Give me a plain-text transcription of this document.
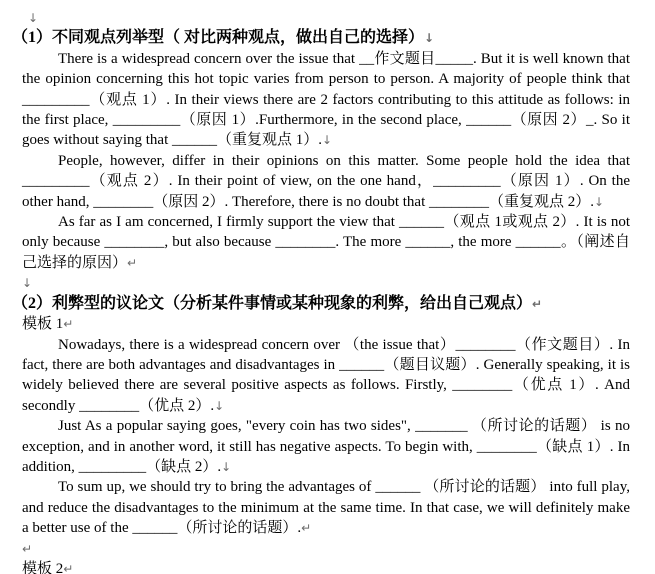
↓
（1）不同观点列举型（ 对比两种观点，做出自己的选择）↓
There is a widespread concern over the issue that __作文题目_____. But it is well known that the opinion concerning this hot topic varies from person to person. A majority of people think that _________（观点 1）. In their views there are 2 factors contributing to this attitude as follows: in the first place, _________（原因 1）.Furthermore, in the second place, ______（原因 2）_. So it goes without saying that ______（重复观点 1）.↓
People, however, differ in their opinions on this matter. Some people hold the idea that _________（观点 2）. In their point of view, on the one hand，_________（原因 1）. On the other hand, ________（原因 2）. Therefore, there is no doubt that ________（重复观点 2）.↓
As far as I am concerned, I firmly support the view that ______（观点 1或观点 2）. It is not only because ________, but also because ________. The more ______, the more ______。（阐述自己选择的原因）↵
↓
（2）利弊型的议论文（分析某件事情或某种现象的利弊，给出自己观点）↵
模板 1↵
Nowadays, there is a widespread concern over （the issue that）________（作文题目）. In fact, there are both advantages and disadvantages in ______（题目议题）. Generally speaking, it is widely believed there are several positive aspects as follows. Firstly, ________（优点 1）. And secondly ________（优点 2）.↓
Just As a popular saying goes, "every coin has two sides", _______ （所讨论的话题） is no exception, and in another word, it still has negative aspects. To begin with, ________（缺点 1）. In addition, _________（缺点 2）.↓
To sum up, we should try to bring the advantages of ______ （所讨论的话题） into full play, and reduce the disadvantages to the minimum at the same time. In that case, we will definitely make a better use of the ______（所讨论的话题）.↵
↵
模板 2↵
